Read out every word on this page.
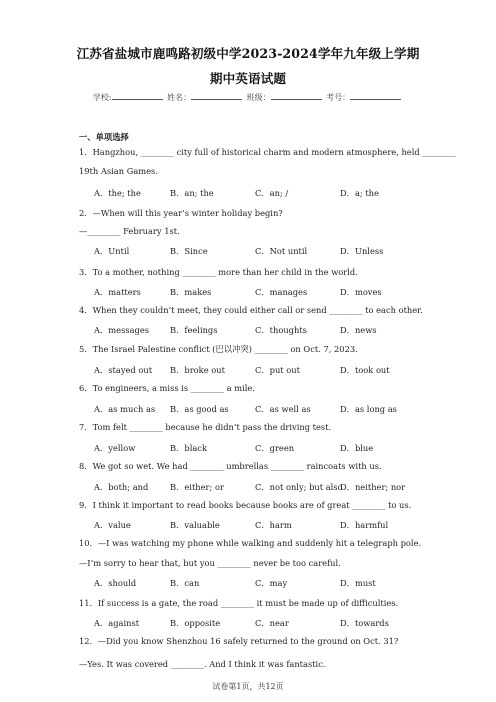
江苏省盐城市鹿鸣路初级中学2023-2024学年九年级上学期
期中英语试题
学校:	姓名：	班级：	考号：
一、单项选择
1．Hangzhou, ________ city full of historical charm and modern atmosphere, held ________
19th Asian Games.
A．the; the	B．an; the	C．an; /	D．a; the
2．—When will this year’s winter holiday begin?
—________ February 1st.
A．Until	B．Since	C．Not until	D．Unless
3．To a mother, nothing ________ more than her child in the world.
A．matters	B．makes	C．manages	D．moves
4．When they couldn’t meet, they could either call or send ________ to each other.
A．messages	B．feelings	C．thoughts	D．news
5．The Israel Palestine conflict (巴以冲突) ________ on Oct. 7, 2023.
A．stayed out B．broke out	C．put out	D．took out
6．To engineers, a miss is ________ a mile.
A．as much as B．as good as	C．as well as	D．as long as
7．Tom felt ________ because he didn’t pass the driving test.
A．yellow	B．black	C．green	D．blue
8．We got so wet. We had ________ umbrellas ________ raincoats with us.
A．both; and	B．either; or	C．not only; but also
D．neither; nor
9．I think it important to read books because books are of great ________ to us.
A．value	B．valuable	C．harm	D．harmful
10．—I was watching my phone while walking and suddenly hit a telegraph pole.
—I’m sorry to hear that, but you ________ never be too careful.
A．should	B．can	C．may	D．must
11．If success is a gate, the road ________ it must be made up of difficulties.
A．against	B．opposite	C．near	D．towards
12．—Did you know Shenzhou 16 safely returned to the ground on Oct. 31?
—Yes. It was covered ________. And I think it was fantastic.
试卷第1页，共12页
